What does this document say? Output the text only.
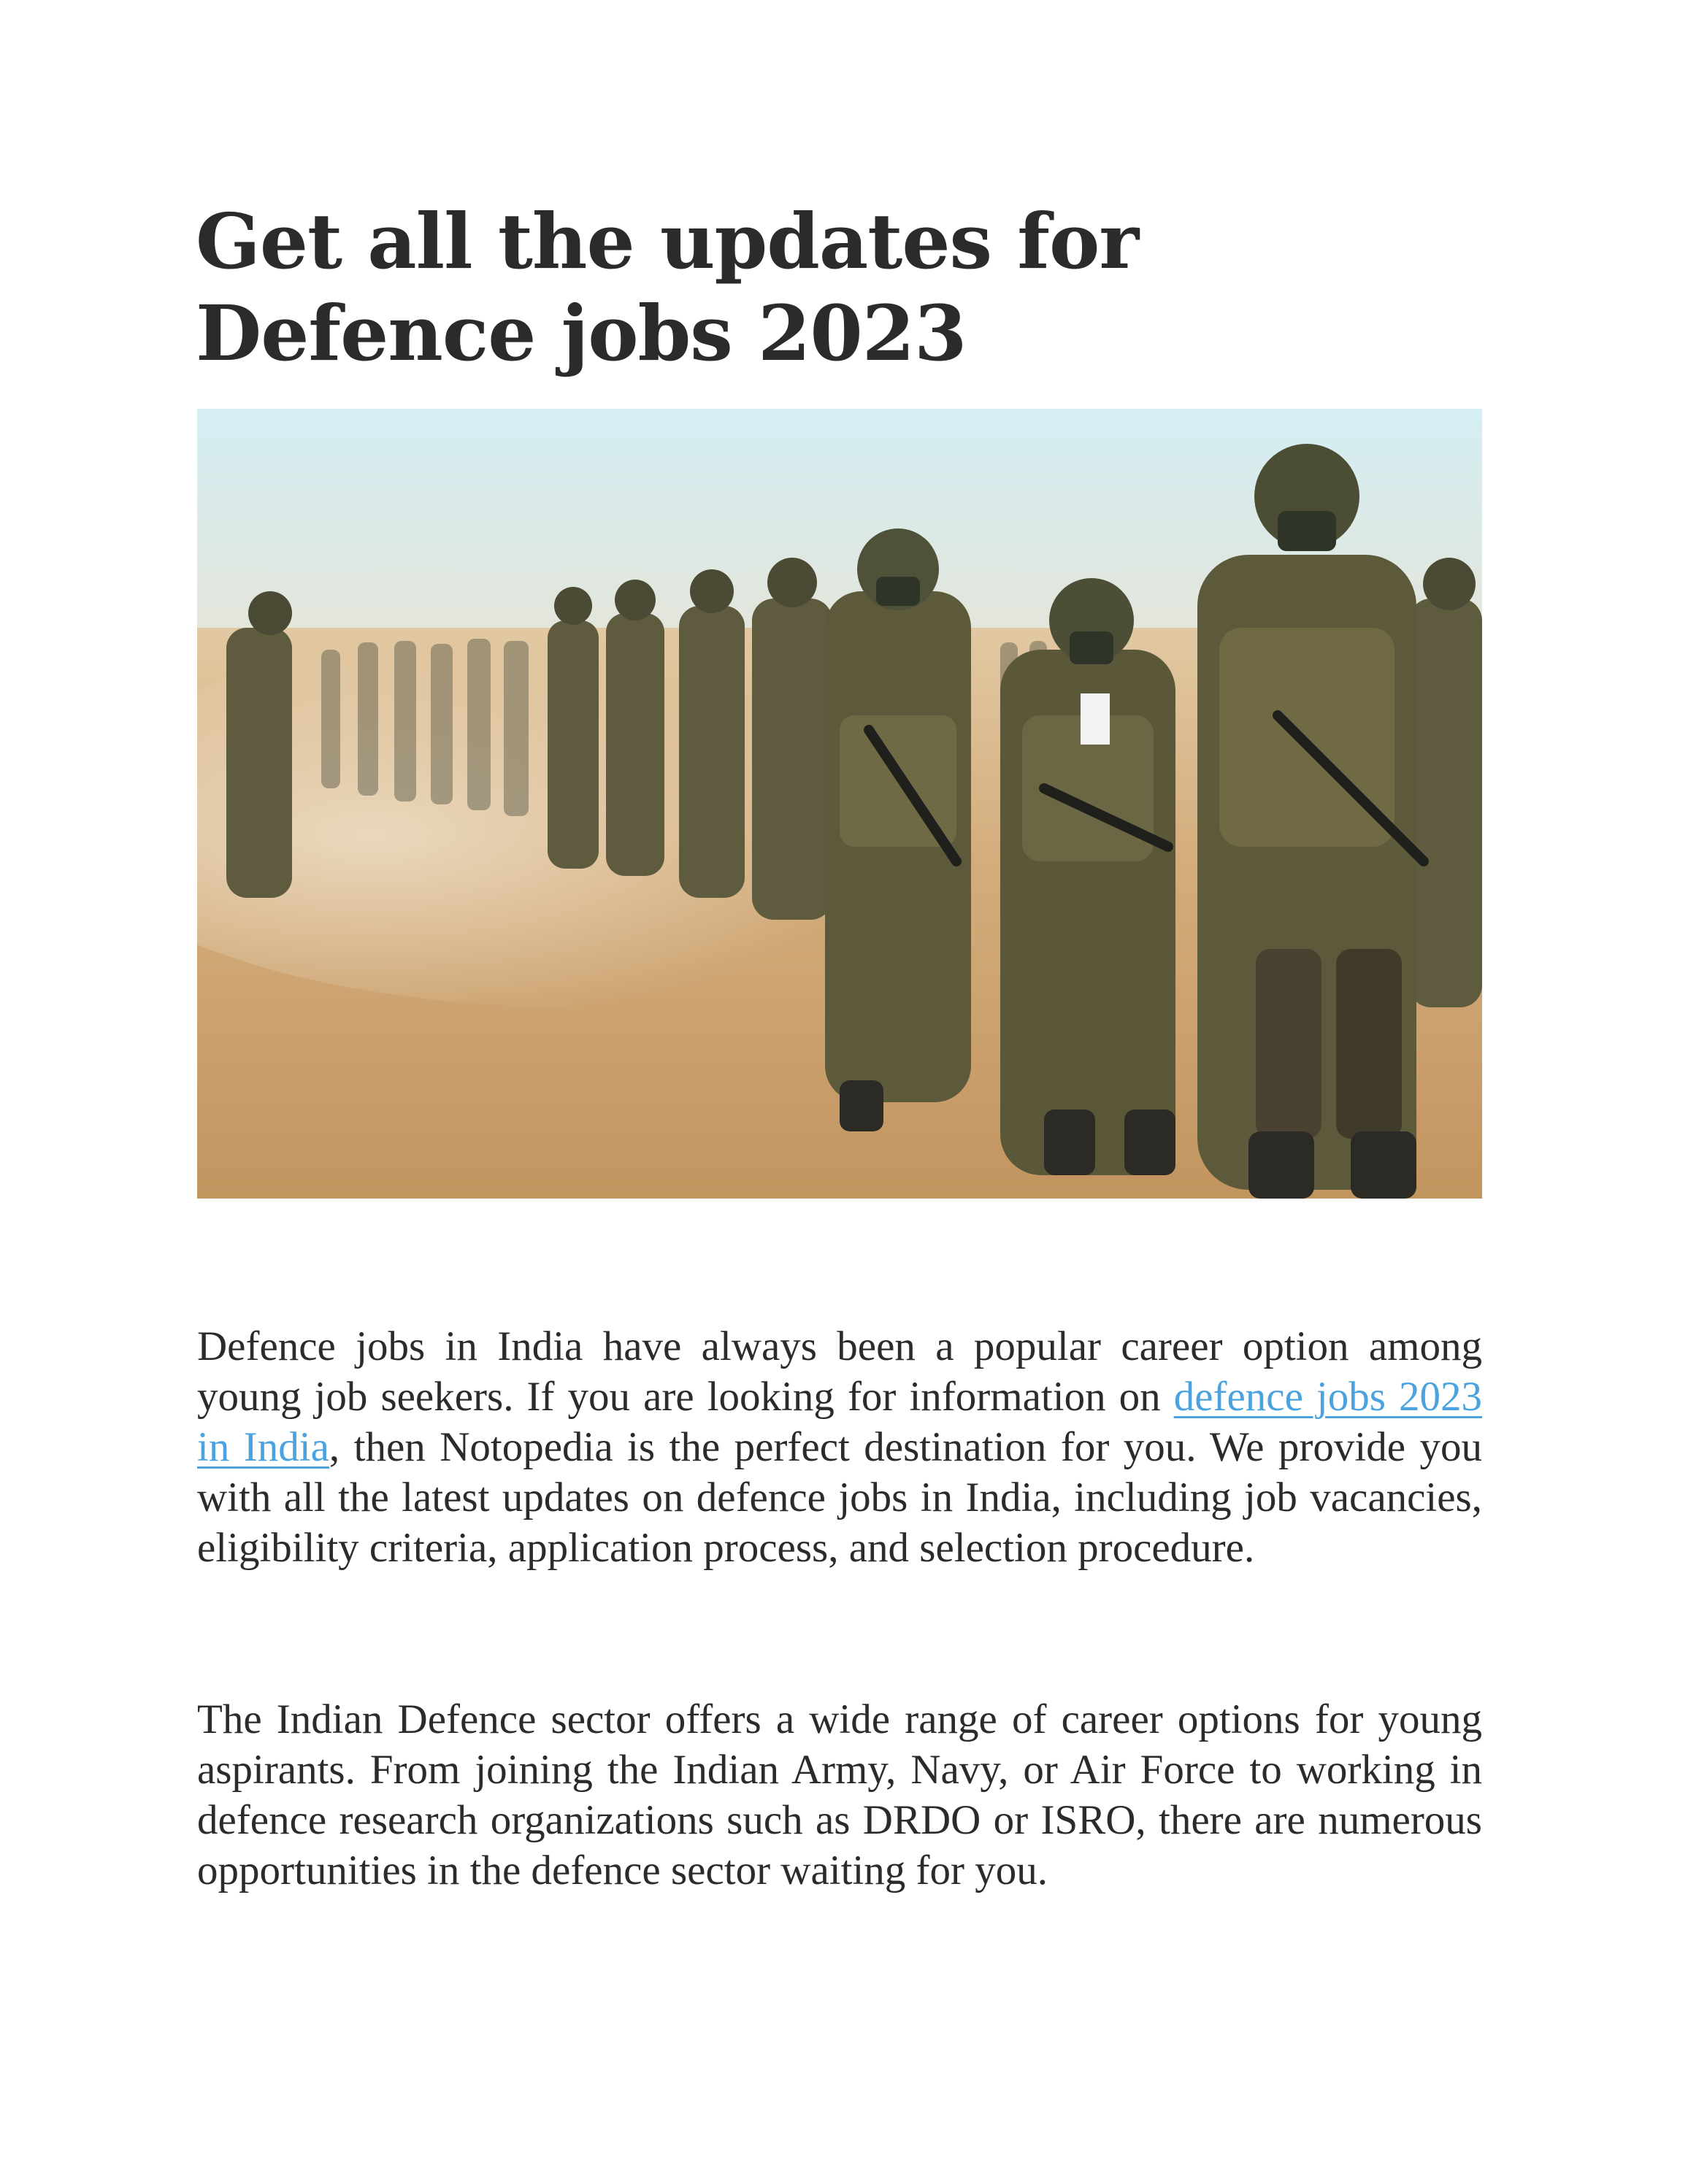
Get all the updates for Defence jobs 2023

Defence jobs in India have always been a popular career option among young job seekers. If you are looking for information on defence jobs 2023 in India, then Notopedia is the perfect destination for you. We provide you with all the latest updates on defence jobs in India, including job vacancies, eligibility criteria, application process, and selection procedure.

The Indian Defence sector offers a wide range of career options for young aspirants. From joining the Indian Army, Navy, or Air Force to working in defence research organizations such as DRDO or ISRO, there are numerous opportunities in the defence sector waiting for you.
